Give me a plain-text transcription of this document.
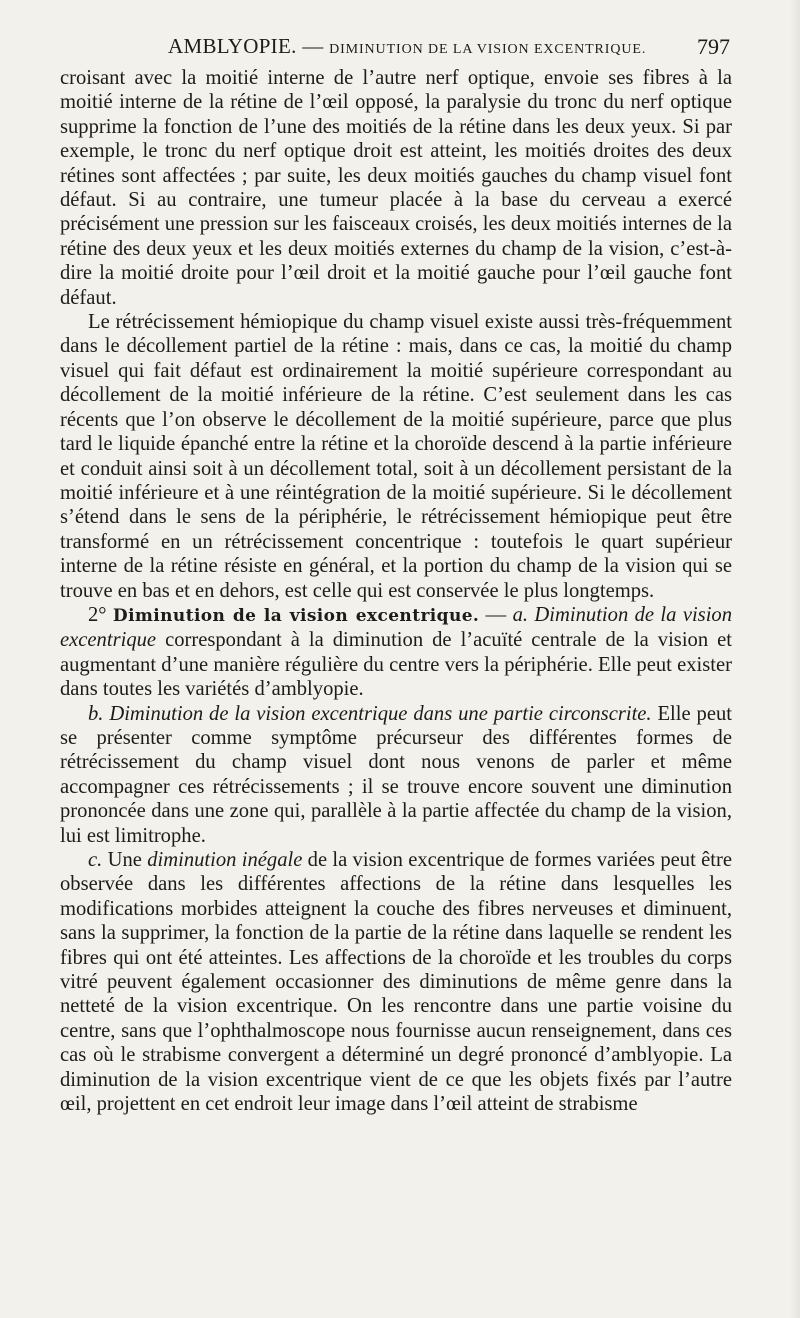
AMBLYOPIE. — DIMINUTION DE LA VISION EXCENTRIQUE. 797

croisant avec la moitié interne de l’autre nerf optique, envoie ses fibres à la moitié interne de la rétine de l’œil opposé, la paralysie du tronc du nerf optique supprime la fonction de l’une des moitiés de la rétine dans les deux yeux. Si par exemple, le tronc du nerf optique droit est atteint, les moitiés droites des deux rétines sont affectées ; par suite, les deux moitiés gauches du champ visuel font défaut. Si au contraire, une tumeur placée à la base du cerveau a exercé précisément une pression sur les faisceaux croisés, les deux moitiés internes de la rétine des deux yeux et les deux moitiés externes du champ de la vision, c’est-à-dire la moitié droite pour l’œil droit et la moitié gauche pour l’œil gauche font défaut.

Le rétrécissement hémiopique du champ visuel existe aussi très-fréquemment dans le décollement partiel de la rétine : mais, dans ce cas, la moitié du champ visuel qui fait défaut est ordinairement la moitié supérieure correspondant au décollement de la moitié inférieure de la rétine. C’est seulement dans les cas récents que l’on observe le décollement de la moitié supérieure, parce que plus tard le liquide épanché entre la rétine et la choroïde descend à la partie inférieure et conduit ainsi soit à un décollement total, soit à un décollement persistant de la moitié inférieure et à une réintégration de la moitié supérieure. Si le décollement s’étend dans le sens de la périphérie, le rétrécissement hémiopique peut être transformé en un rétrécissement concentrique : toutefois le quart supérieur interne de la rétine résiste en général, et la portion du champ de la vision qui se trouve en bas et en dehors, est celle qui est conservée le plus longtemps.

2° Diminution de la vision excentrique. — a. Diminution de la vision excentrique correspondant à la diminution de l’acuïté centrale de la vision et augmentant d’une manière régulière du centre vers la périphérie. Elle peut exister dans toutes les variétés d’amblyopie.

b. Diminution de la vision excentrique dans une partie circonscrite. Elle peut se présenter comme symptôme précurseur des différentes formes de rétrécissement du champ visuel dont nous venons de parler et même accompagner ces rétrécissements ; il se trouve encore souvent une diminution prononcée dans une zone qui, parallèle à la partie affectée du champ de la vision, lui est limitrophe.

c. Une diminution inégale de la vision excentrique de formes variées peut être observée dans les différentes affections de la rétine dans lesquelles les modifications morbides atteignent la couche des fibres nerveuses et diminuent, sans la supprimer, la fonction de la partie de la rétine dans laquelle se rendent les fibres qui ont été atteintes. Les affections de la choroïde et les troubles du corps vitré peuvent également occasionner des diminutions de même genre dans la netteté de la vision excentrique. On les rencontre dans une partie voisine du centre, sans que l’ophthalmoscope nous fournisse aucun renseignement, dans ces cas où le strabisme convergent a déterminé un degré prononcé d’amblyopie. La diminution de la vision excentrique vient de ce que les objets fixés par l’autre œil, projettent en cet endroit leur image dans l’œil atteint de strabisme
